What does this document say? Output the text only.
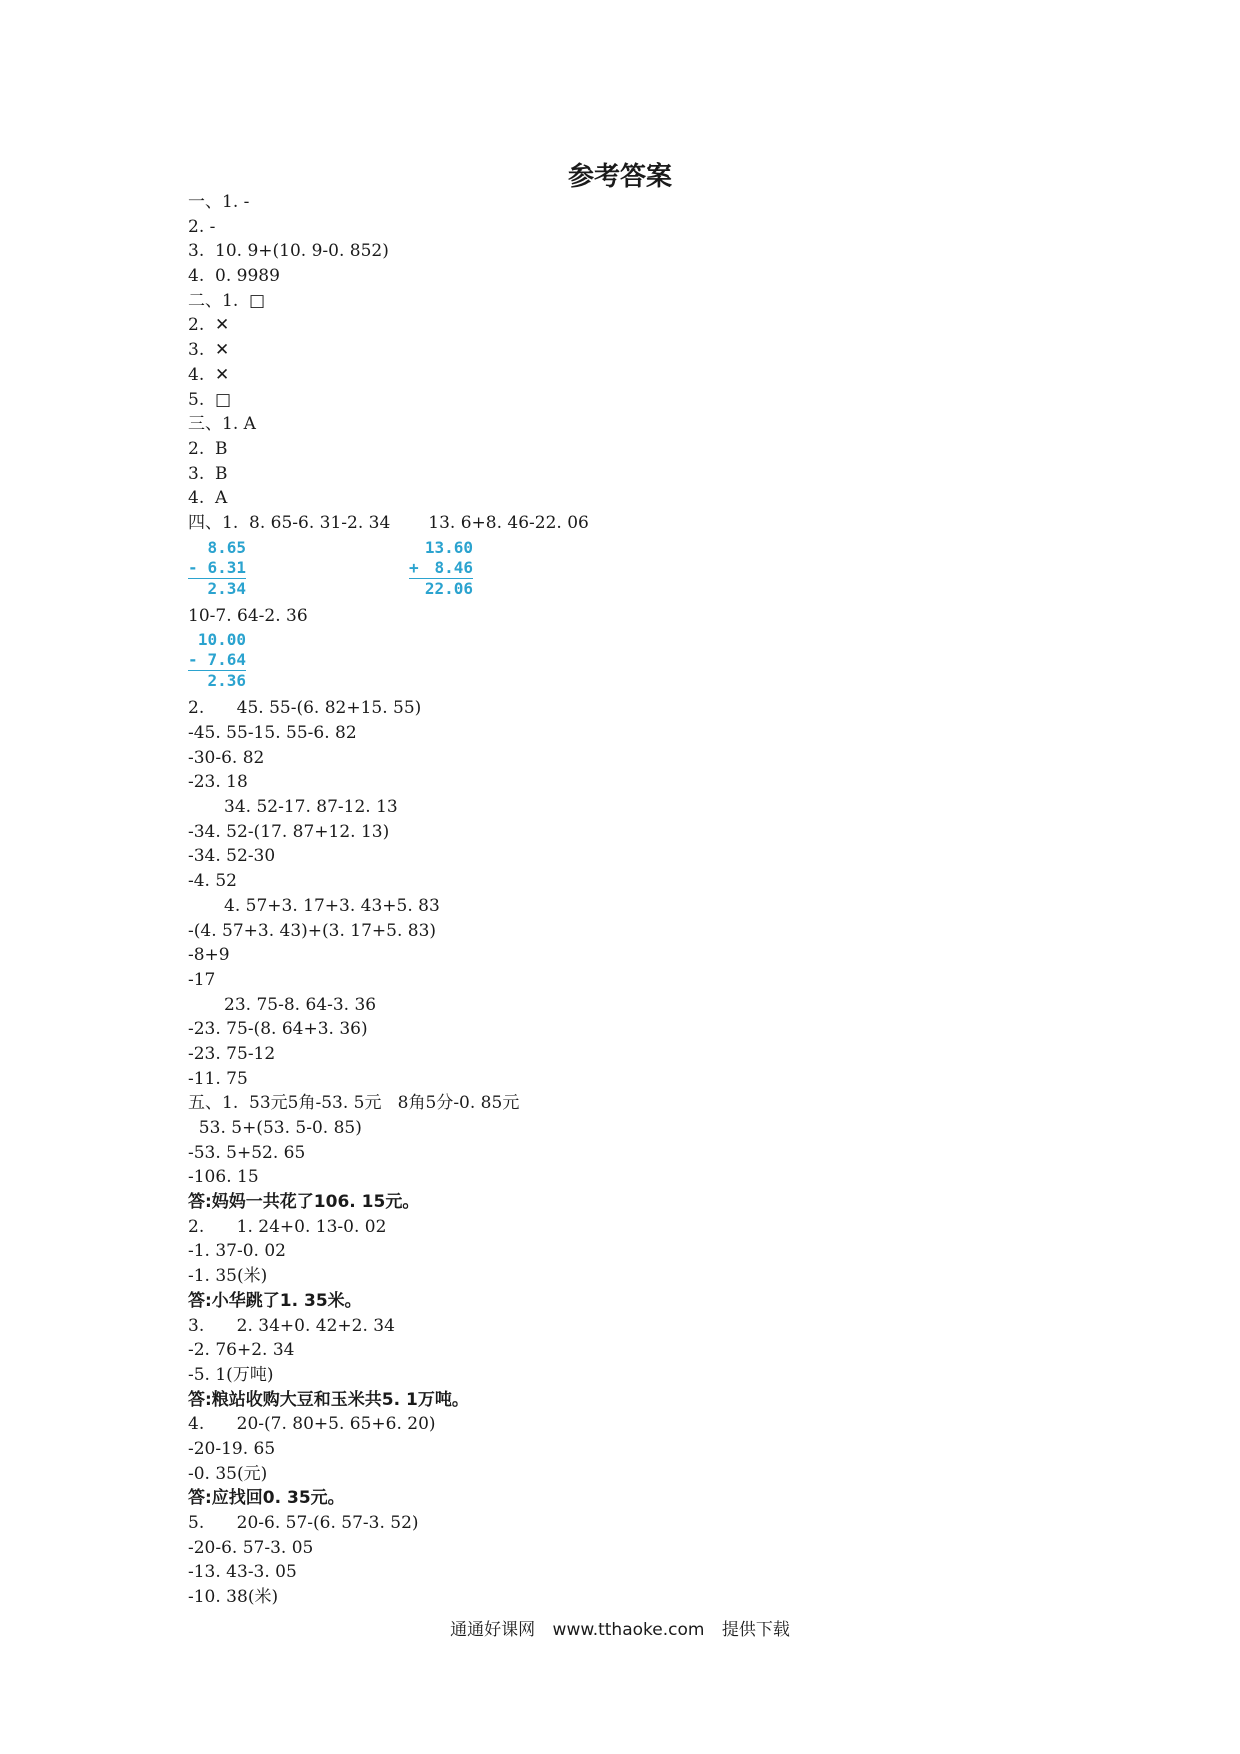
参考答案
一、1. -
2. -
3.  10. 9+(10. 9-0. 852)
4.  0. 9989
二、1.  □
2.  ✕
3.  ✕
4.  ✕
5.  □
三、1. A
2.  B
3.  B
4.  A
四、1.  8. 65-6. 31-2. 34 13. 6+8. 46-22. 06
8.65
- 6.31
2.34
13.60
+ 8.46
22.06
10-7. 64-2. 36
10.00
- 7.64
2.36
2.      45. 55-(6. 82+15. 55)
-45. 55-15. 55-6. 82
-30-6. 82
-23. 18
34. 52-17. 87-12. 13
-34. 52-(17. 87+12. 13)
-34. 52-30
-4. 52
4. 57+3. 17+3. 43+5. 83
-(4. 57+3. 43)+(3. 17+5. 83)
-8+9
-17
23. 75-8. 64-3. 36
-23. 75-(8. 64+3. 36)
-23. 75-12
-11. 75
五、1.  53元5角-53. 5元   8角5分-0. 85元
53. 5+(53. 5-0. 85)
-53. 5+52. 65
-106. 15
答:妈妈一共花了106. 15元。
2.      1. 24+0. 13-0. 02
-1. 37-0. 02
-1. 35(米)
答:小华跳了1. 35米。
3.      2. 34+0. 42+2. 34
-2. 76+2. 34
-5. 1(万吨)
答:粮站收购大豆和玉米共5. 1万吨。
4.      20-(7. 80+5. 65+6. 20)
-20-19. 65
-0. 35(元)
答:应找回0. 35元。
5.      20-6. 57-(6. 57-3. 52)
-20-6. 57-3. 05
-13. 43-3. 05
-10. 38(米)
通通好课网 www.tthaoke.com 提供下载
